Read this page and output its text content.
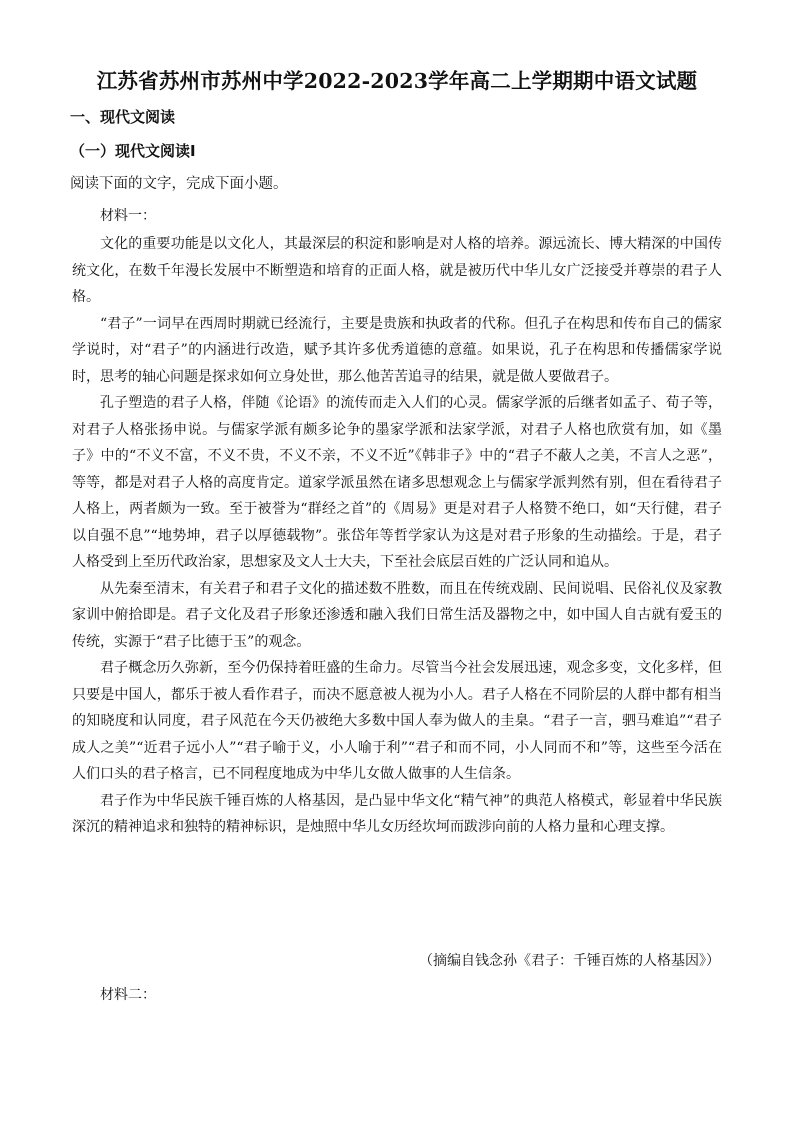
江苏省苏州市苏州中学2022-2023学年高二上学期期中语文试题
一、现代文阅读
（一）现代文阅读Ⅰ
阅读下面的文字，完成下面小题。
材料一：

文化的重要功能是以文化人，其最深层的积淀和影响是对人格的培养。源远流长、博大精深的中国传统文化，在数千年漫长发展中不断塑造和培育的正面人格，就是被历代中华儿女广泛接受并尊崇的君子人格。

“君子”一词早在西周时期就已经流行，主要是贵族和执政者的代称。但孔子在构思和传布自己的儒家学说时，对“君子”的内涵进行改造，赋予其许多优秀道德的意蕴。如果说，孔子在构思和传播儒家学说时，思考的轴心问题是探求如何立身处世，那么他苦苦追寻的结果，就是做人要做君子。

孔子塑造的君子人格，伴随《论语》的流传而走入人们的心灵。儒家学派的后继者如孟子、荀子等，对君子人格张扬申说。与儒家学派有颇多论争的墨家学派和法家学派，对君子人格也欣赏有加，如《墨子》中的“不义不富，不义不贵，不义不亲，不义不近”《韩非子》中的“君子不蔽人之美，不言人之恶”，等等，都是对君子人格的高度肯定。道家学派虽然在诸多思想观念上与儒家学派判然有别，但在看待君子人格上，两者颇为一致。至于被誉为“群经之首”的《周易》更是对君子人格赞不绝口，如“天行健，君子以自强不息”“地势坤，君子以厚德载物”。张岱年等哲学家认为这是对君子形象的生动描绘。于是，君子人格受到上至历代政治家，思想家及文人士大夫，下至社会底层百姓的广泛认同和追从。

从先秦至清末，有关君子和君子文化的描述数不胜数，而且在传统戏剧、民间说唱、民俗礼仪及家教家训中俯拾即是。君子文化及君子形象还渗透和融入我们日常生活及器物之中，如中国人自古就有爱玉的传统，实源于“君子比德于玉”的观念。

君子概念历久弥新，至今仍保持着旺盛的生命力。尽管当今社会发展迅速，观念多变，文化多样，但只要是中国人，都乐于被人看作君子，而决不愿意被人视为小人。君子人格在不同阶层的人群中都有相当的知晓度和认同度，君子风范在今天仍被绝大多数中国人奉为做人的圭臬。“君子一言，驷马难追”“君子成人之美”“近君子远小人”“君子喻于义，小人喻于利”“君子和而不同，小人同而不和”等，这些至今活在人们口头的君子格言，已不同程度地成为中华儿女做人做事的人生信条。

君子作为中华民族千锤百炼的人格基因，是凸显中华文化“精气神”的典范人格模式，彰显着中华民族深沉的精神追求和独特的精神标识，是烛照中华儿女历经坎坷而跋涉向前的人格力量和心理支撑。

（摘编自钱念孙《君子：千锤百炼的人格基因》）
材料二：
